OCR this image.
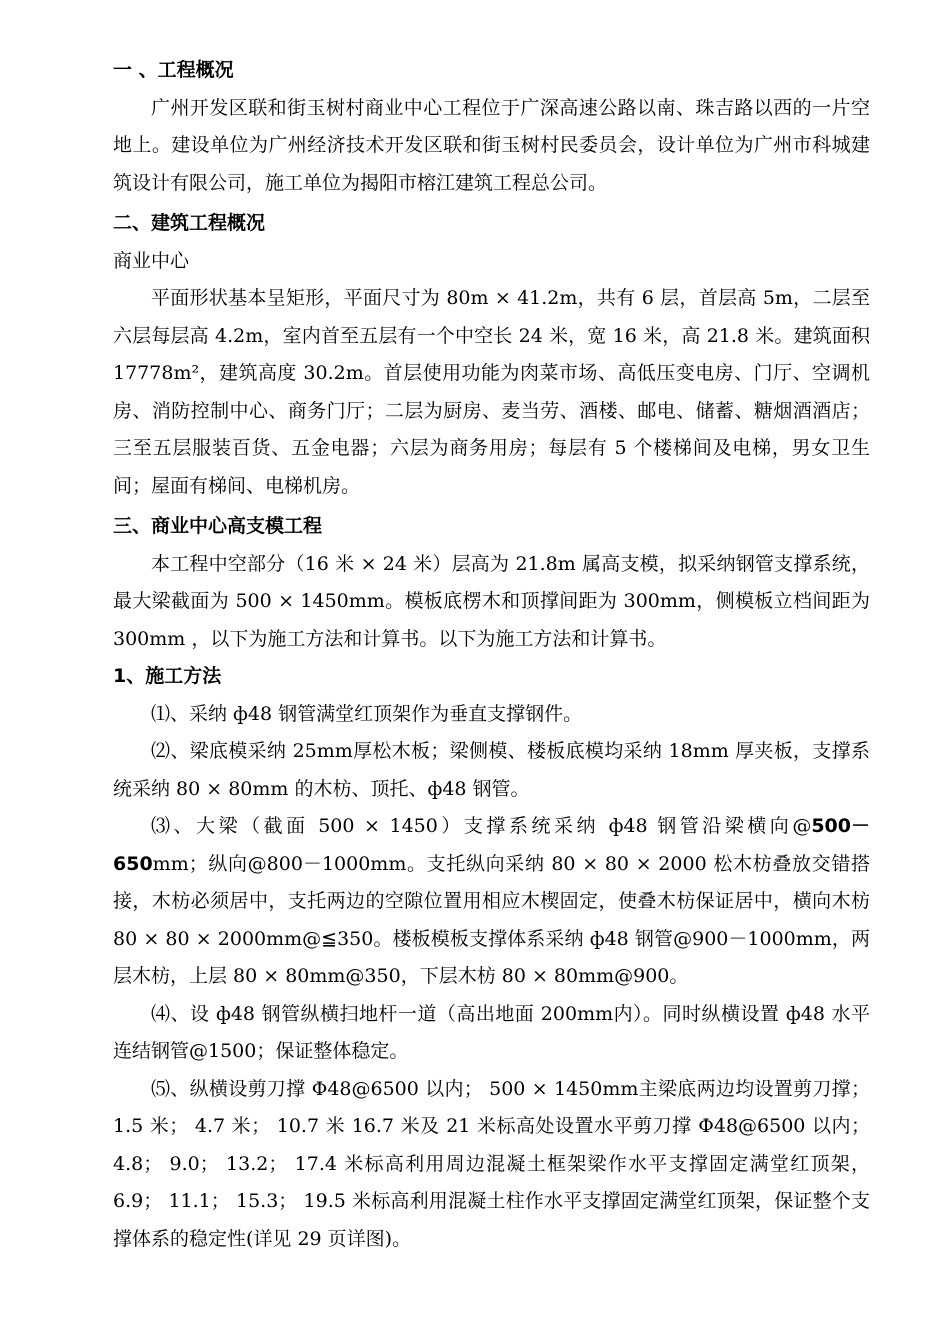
一 、工程概况

广州开发区联和街玉树村商业中心工程位于广深高速公路以南、珠吉路以西的一片空地上。建设单位为广州经济技术开发区联和街玉树村民委员会，设计单位为广州市科城建筑设计有限公司，施工单位为揭阳市榕江建筑工程总公司。

二、建筑工程概况

商业中心

平面形状基本呈矩形，平面尺寸为 80m × 41.2m，共有 6 层，首层高 5m，二层至六层每层高 4.2m，室内首至五层有一个中空长 24 米，宽 16 米，高 21.8 米。建筑面积 17778m²，建筑高度 30.2m。首层使用功能为肉菜市场、高低压变电房、门厅、空调机房、消防控制中心、商务门厅；二层为厨房、麦当劳、酒楼、邮电、储蓄、糖烟酒酒店；三至五层服装百货、五金电器；六层为商务用房；每层有 5 个楼梯间及电梯，男女卫生间；屋面有梯间、电梯机房。

三、商业中心高支模工程

本工程中空部分（16 米 × 24 米）层高为 21.8m 属高支模，拟采纳钢管支撑系统，最大梁截面为 500 × 1450mm。模板底楞木和顶撑间距为 300mm，侧模板立档间距为 300mm ，以下为施工方法和计算书。以下为施工方法和计算书。

1、施工方法

⑴、采纳 ф48 钢管满堂红顶架作为垂直支撑钢件。

⑵、梁底模采纳 25mm厚松木板；梁侧模、楼板底模均采纳 18mm 厚夹板，支撑系统采纳 80 × 80mm 的木枋、顶托、ф48 钢管。

⑶、大梁（截面 500 × 1450）支撑系统采纳 ф48 钢管沿梁横向@500－650mm；纵向@800－1000mm。支托纵向采纳 80 × 80 × 2000 松木枋叠放交错搭接，木枋必须居中，支托两边的空隙位置用相应木楔固定，使叠木枋保证居中，横向木枋 80 × 80 × 2000mm@≦350。楼板模板支撑体系采纳 ф48 钢管@900－1000mm，两层木枋，上层 80 × 80mm@350，下层木枋 80 × 80mm@900。

⑷、设 ф48 钢管纵横扫地杆一道（高出地面 200mm内）。同时纵横设置 ф48 水平连结钢管@1500；保证整体稳定。

⑸、纵横设剪刀撑 Φ48@6500 以内； 500 × 1450mm主梁底两边均设置剪刀撑；1.5 米； 4.7 米； 10.7 米 16.7 米及 21 米标高处设置水平剪刀撑 Φ48@6500 以内； 4.8； 9.0； 13.2； 17.4 米标高利用周边混凝土框架梁作水平支撑固定满堂红顶架，6.9； 11.1； 15.3； 19.5 米标高利用混凝土柱作水平支撑固定满堂红顶架，保证整个支撑体系的稳定性(详见 29 页详图)。
